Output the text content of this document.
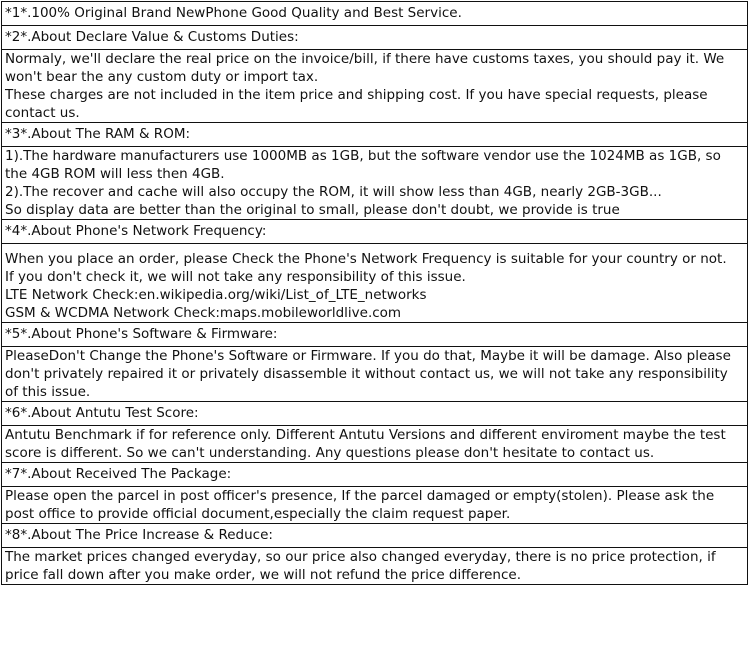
*1*.100% Original Brand NewPhone Good Quality and Best Service.
*2*.About Declare Value & Customs Duties:

Normaly, we'll declare the real price on the invoice/bill, if there have customs taxes, you should pay it. We won't bear the any custom duty or import tax.

These charges are not included in the item price and shipping cost. If you have special requests, please contact us.

*3*.About The RAM & ROM:

1).The hardware manufacturers use 1000MB as 1GB, but the software vendor use the 1024MB as 1GB, so the 4GB ROM will less then 4GB.

2).The recover and cache will also occupy the ROM, it will show less than 4GB, nearly 2GB-3GB...

So display data are better than the original to small, please don't doubt, we provide is true

*4*.About Phone's Network Frequency:

When you place an order, please Check the Phone's Network Frequency is suitable for your country or not.

If you don't check it, we will not take any responsibility of this issue.

LTE Network Check:en.wikipedia.org/wiki/List_of_LTE_networks

GSM & WCDMA Network Check:maps.mobileworldlive.com

*5*.About Phone's Software & Firmware:

PleaseDon't Change the Phone's Software or Firmware. If you do that, Maybe it will be damage. Also please don't privately repaired it or privately disassemble it without contact us, we will not take any responsibility of this issue.

*6*.About Antutu Test Score:

Antutu Benchmark if for reference only. Different Antutu Versions and different enviroment maybe the test score is different. So we can't understanding. Any questions please don't hesitate to contact us.

*7*.About Received The Package:

Please open the parcel in post officer's presence, If the parcel damaged or empty(stolen). Please ask the post office to provide official document,especially the claim request paper.

*8*.About The Price Increase & Reduce:

The market prices changed everyday, so our price also changed everyday, there is no price protection, if price fall down after you make order, we will not refund the price difference.
